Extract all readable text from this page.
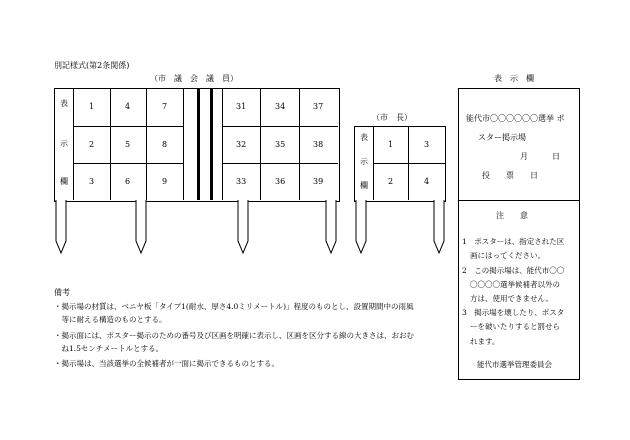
別記様式(第2条関係)
（市　議　会　議　員）
表
示
欄
1	4	7
2	5	8
3	6	9
31	34	37
32	35	38
33	36	39
（市　長）
表
示
欄
1	3
2	4
表　示　欄
能代市〇〇〇〇〇〇選挙 ポ
スター掲示場
月　　　日
投　　票　　日
注　　意
1　ポスターは、指定された区
画にはってください。
2　この掲示場は、能代市〇〇
〇〇〇〇選挙候補者以外の
方は、使用できません。
3　掲示場を壊したり、ポスタ
ーを破いたりすると罰せら
れます。
能代市選挙管理委員会
備考
・掲示場の材質は、ベニヤ板「タイプ1(耐水、厚さ4.0ミリメートル)」程度のものとし、設置期間中の雨風
　等に耐える構造のものとする。
・掲示面には、ポスター掲示のための番号及び区画を明確に表示し、区画を区分する線の大きさは、おおむ
　ね1.5センチメートルとする。
・掲示場は、当該選挙の全候補者が一面に掲示できるものとする。
